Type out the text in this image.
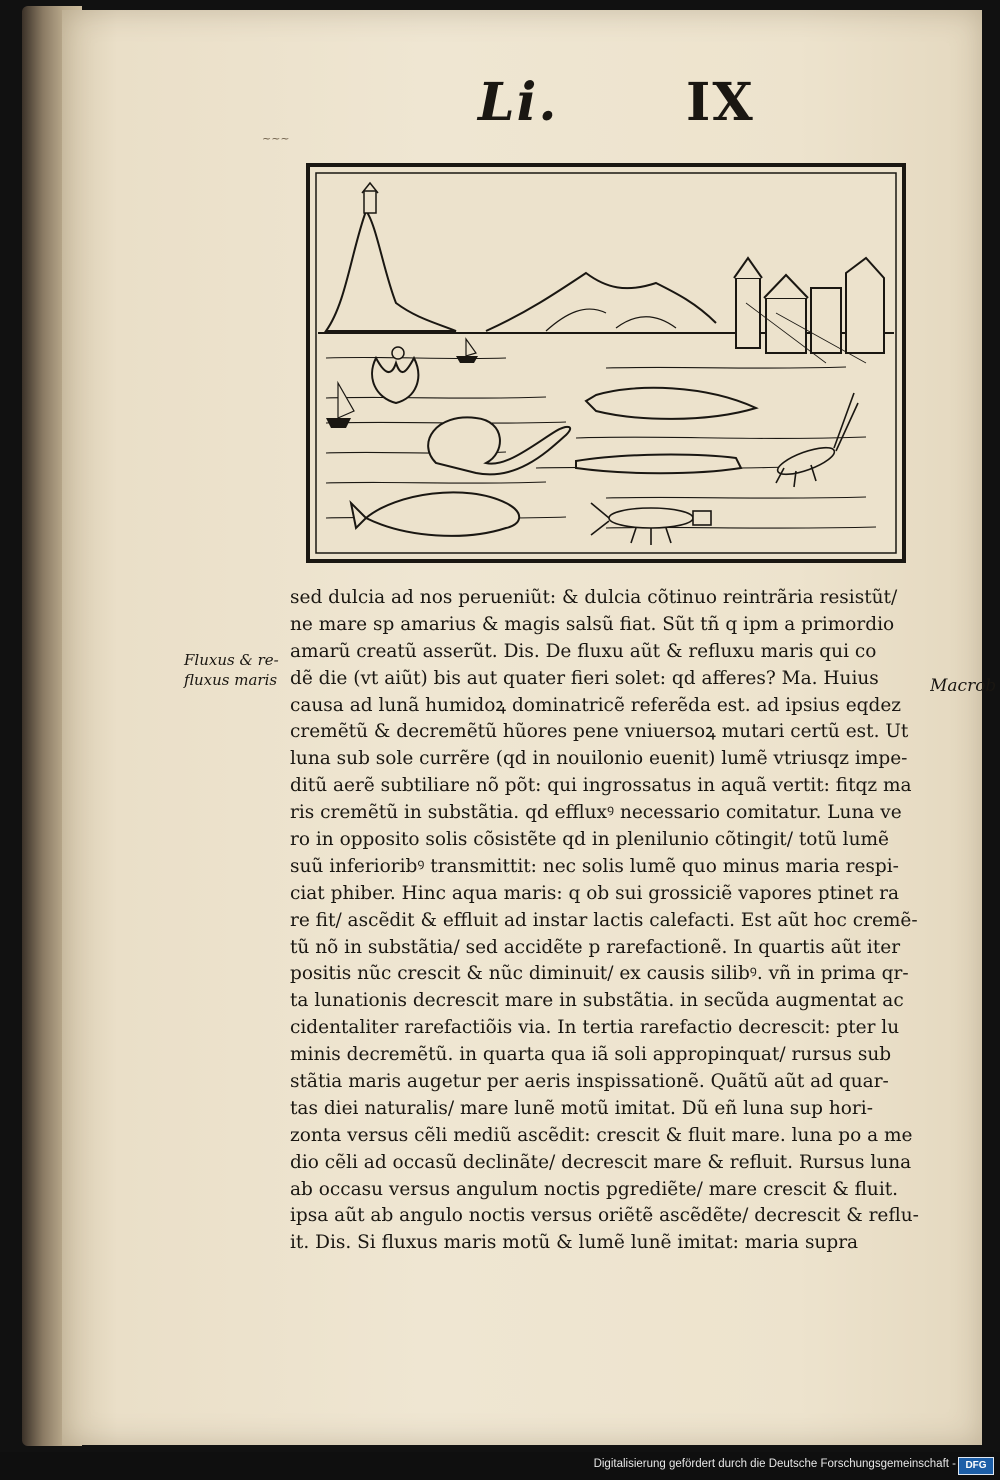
Li. IX
~~~
Fluxus & re-
fluxus maris	Macrob
sed dulcia ad nos perueniũt: & dulcia cõtinuo reintrãria resistũt/
ne mare sp amarius & magis salsũ fiat. Sũt tñ q ipm a primordio
amarũ creatũ asserũt. Dis. De fluxu aũt & refluxu maris qui co
dẽ die (vt aiũt) bis aut quater fieri solet: qd afferes? Ma. Huius
causa ad lunã humidoꝝ dominatricẽ referẽda est. ad ipsius eqdez
cremẽtũ & decremẽtũ hũores pene vniuersoꝝ mutari certũ est. Ut
luna sub sole currẽre (qd in nouilonio euenit) lumẽ vtriusqz impe-
ditũ aerẽ subtiliare nõ põt: qui ingrossatus in aquã vertit: fitqz ma
ris cremẽtũ in substãtia. qd effluxꝰ necessario comitatur. Luna ve
ro in opposito solis cõsistẽte qd in plenilunio cõtingit/ totũ lumẽ
suũ inferioribꝰ transmittit: nec solis lumẽ quo minus maria respi-
ciat phiber. Hinc aqua maris: q ob sui grossiciẽ vapores ptinet ra
re fit/ ascẽdit & effluit ad instar lactis calefacti. Est aũt hoc cremẽ-
tũ nõ in substãtia/ sed accidẽte p rarefactionẽ. In quartis aũt iter
positis nũc crescit & nũc diminuit/ ex causis silibꝰ. vñ in prima qr-
ta lunationis decrescit mare in substãtia. in secũda augmentat ac
cidentaliter rarefactiõis via. In tertia rarefactio decrescit: pter lu
minis decremẽtũ. in quarta qua iã soli appropinquat/ rursus sub
stãtia maris augetur per aeris inspissationẽ. Quãtũ aũt ad quar-
tas diei naturalis/ mare lunẽ motũ imitat. Dũ eñ luna sup hori-
zonta versus cẽli mediũ ascẽdit: crescit & fluit mare. luna po a me
dio cẽli ad occasũ declinãte/ decrescit mare & refluit. Rursus luna
ab occasu versus angulum noctis pgrediẽte/ mare crescit & fluit.
ipsa aũt ab angulo noctis versus oriẽtẽ ascẽdẽte/ decrescit & reflu-
it. Dis. Si fluxus maris motũ & lumẽ lunẽ imitat: maria supra
Digitalisierung gefördert durch die Deutsche Forschungsgemeinschaft - DFG
